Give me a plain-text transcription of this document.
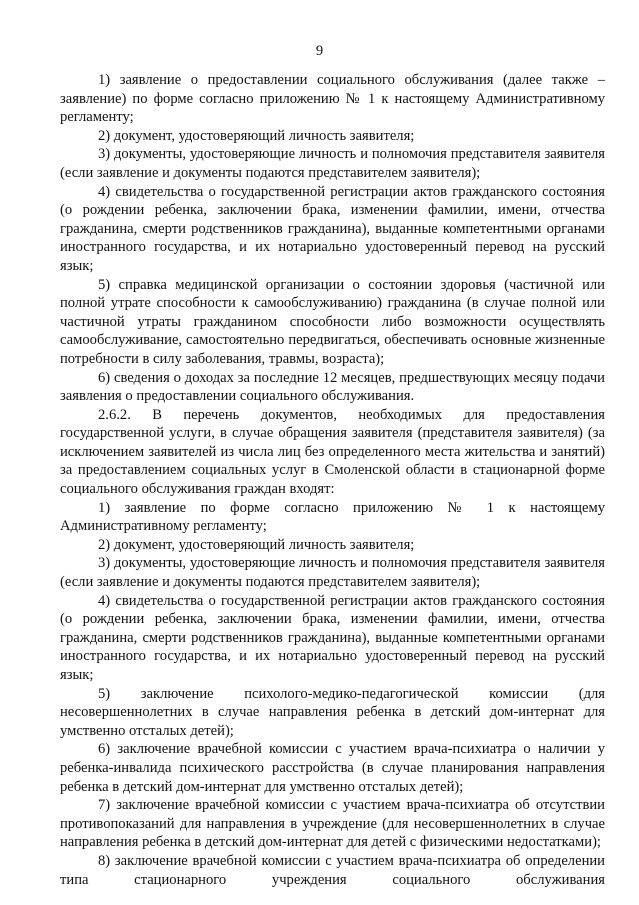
9

1) заявление о предоставлении социального обслуживания (далее также – заявление) по форме согласно приложению № 1 к настоящему Административному регламенту;

2) документ, удостоверяющий личность заявителя;

3) документы, удостоверяющие личность и полномочия представителя заявителя (если заявление и документы подаются представителем заявителя);

4) свидетельства о государственной регистрации актов гражданского состояния (о рождении ребенка, заключении брака, изменении фамилии, имени, отчества гражданина, смерти родственников гражданина), выданные компетентными органами иностранного государства, и их нотариально удостоверенный перевод на русский язык;

5) справка медицинской организации о состоянии здоровья (частичной или полной утрате способности к самообслуживанию) гражданина (в случае полной или частичной утраты гражданином способности либо возможности осуществлять самообслуживание, самостоятельно передвигаться, обеспечивать основные жизненные потребности в силу заболевания, травмы, возраста);

6) сведения о доходах за последние 12 месяцев, предшествующих месяцу подачи заявления о предоставлении социального обслуживания.

2.6.2. В перечень документов, необходимых для предоставления государственной услуги, в случае обращения заявителя (представителя заявителя) (за исключением заявителей из числа лиц без определенного места жительства и занятий) за предоставлением социальных услуг в Смоленской области в стационарной форме социального обслуживания граждан входят:

1) заявление по форме согласно приложению № 1 к настоящему Административному регламенту;

2) документ, удостоверяющий личность заявителя;

3) документы, удостоверяющие личность и полномочия представителя заявителя (если заявление и документы подаются представителем заявителя);

4) свидетельства о государственной регистрации актов гражданского состояния (о рождении ребенка, заключении брака, изменении фамилии, имени, отчества гражданина, смерти родственников гражданина), выданные компетентными органами иностранного государства, и их нотариально удостоверенный перевод на русский язык;

5) заключение психолого-медико-педагогической комиссии (для несовершеннолетних в случае направления ребенка в детский дом-интернат для умственно отсталых детей);

6) заключение врачебной комиссии с участием врача-психиатра о наличии у ребенка-инвалида психического расстройства (в случае планирования направления ребенка в детский дом-интернат для умственно отсталых детей);

7) заключение врачебной комиссии с участием врача-психиатра об отсутствии противопоказаний для направления в учреждение (для несовершеннолетних в случае направления ребенка в детский дом-интернат для детей с физическими недостатками);

8) заключение врачебной комиссии с участием врача-психиатра об определении типа стационарного учреждения социального обслуживания
